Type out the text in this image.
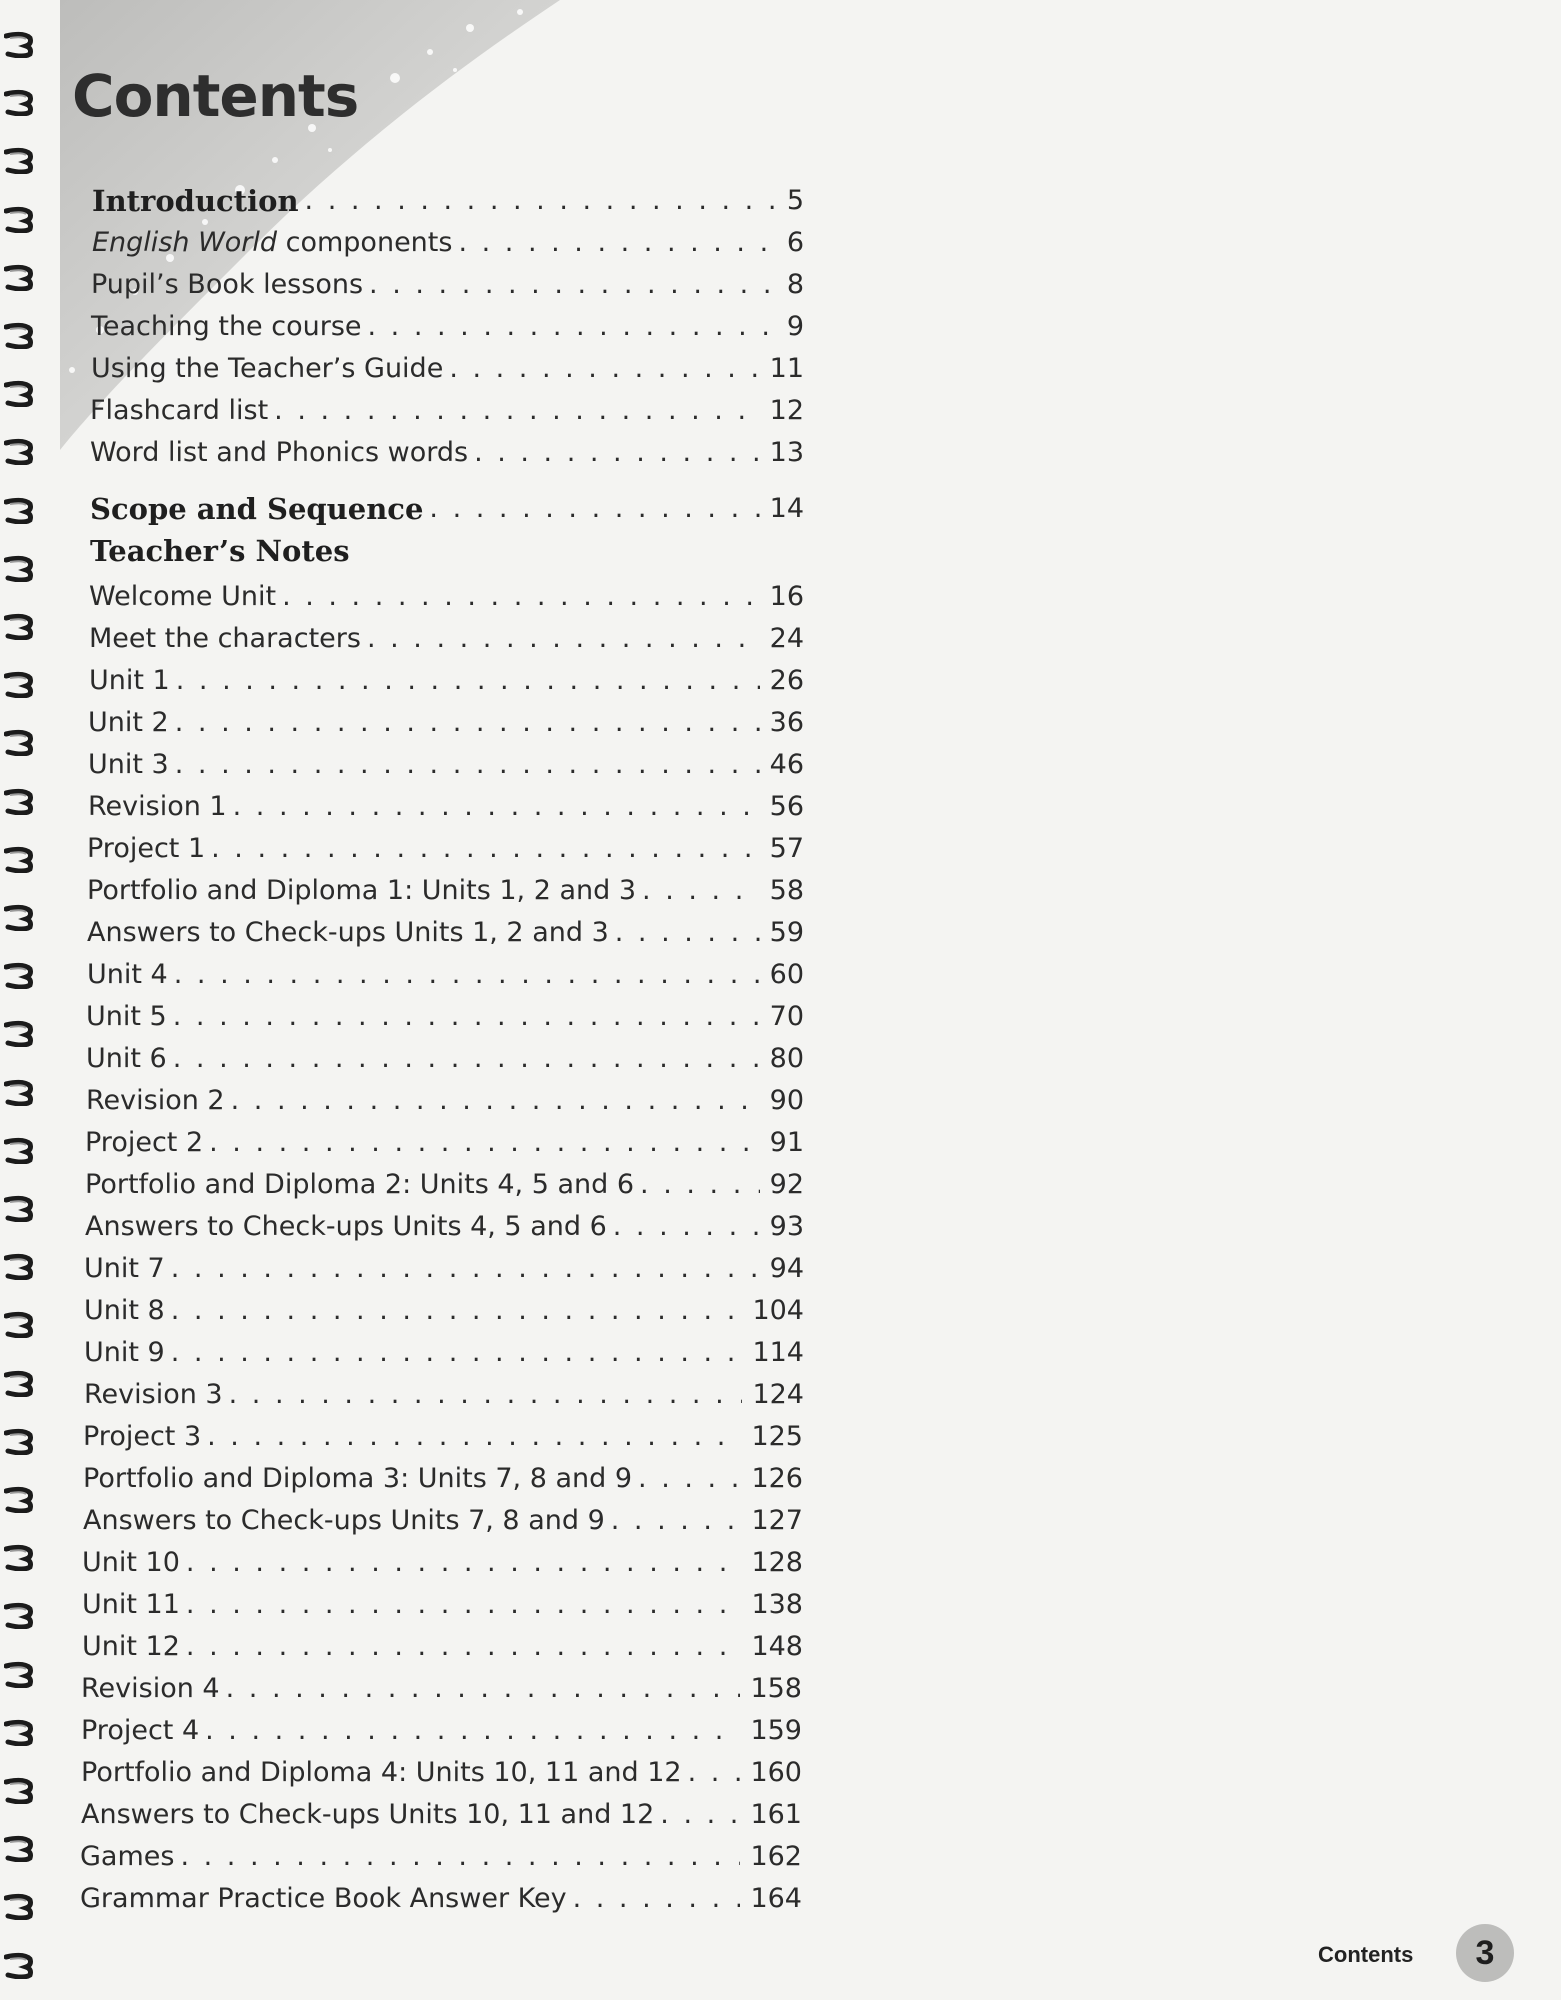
Contents
Introduction . . .	5
English World components . . .	6
Pupil’s Book lessons . . .	8
Teaching the course . . .	9
Using the Teacher’s Guide . . .	11
Flashcard list . . .	12
Word list and Phonics words . . .	13
Scope and Sequence . . .	14
Teacher’s Notes
Welcome Unit . . .	16
Meet the characters . . .	24
Unit 1 . . .	26
Unit 2 . . .	36
Unit 3 . . .	46
Revision 1 . . .	56
Project 1 . . .	57
Portfolio and Diploma 1: Units 1, 2 and 3 . . .	58
Answers to Check-ups Units 1, 2 and 3 . . .	59
Unit 4 . . .	60
Unit 5 . . .	70
Unit 6 . . .	80
Revision 2 . . .	90
Project 2 . . .	91
Portfolio and Diploma 2: Units 4, 5 and 6 . . .	92
Answers to Check-ups Units 4, 5 and 6 . . .	93
Unit 7 . . .	94
Unit 8 . . .	104
Unit 9 . . .	114
Revision 3 . . .	124
Project 3 . . .	125
Portfolio and Diploma 3: Units 7, 8 and 9 . . .	126
Answers to Check-ups Units 7, 8 and 9 . . .	127
Unit 10 . . .	128
Unit 11 . . .	138
Unit 12 . . .	148
Revision 4 . . .	158
Project 4 . . .	159
Portfolio and Diploma 4: Units 10, 11 and 12 . . .	160
Answers to Check-ups Units 10, 11 and 12 . . .	161
Games . . .	162
Grammar Practice Book Answer Key . . .	164
Contents 3
